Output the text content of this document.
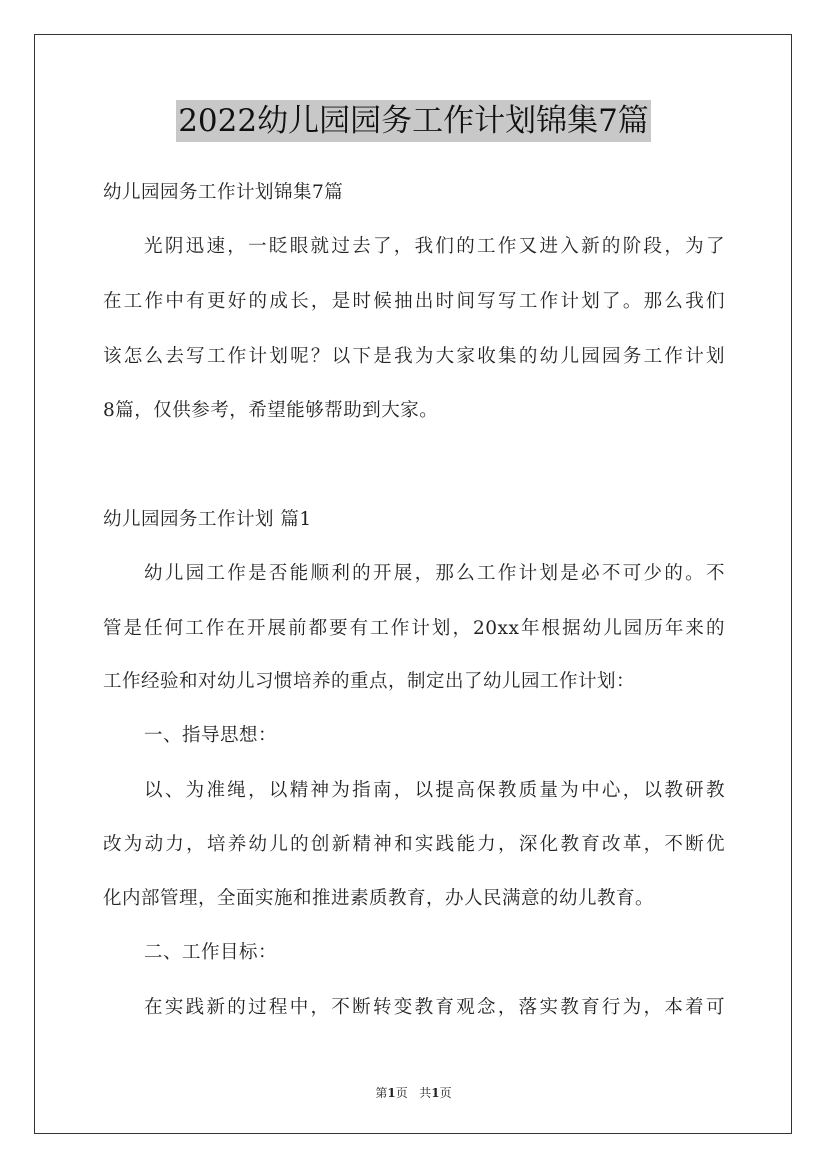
2022幼儿园园务工作计划锦集7篇
幼儿园园务工作计划锦集7篇
光阴迅速，一眨眼就过去了，我们的工作又进入新的阶段，为了
在工作中有更好的成长，是时候抽出时间写写工作计划了。那么我们
该怎么去写工作计划呢？以下是我为大家收集的幼儿园园务工作计划
8篇，仅供参考，希望能够帮助到大家。
幼儿园园务工作计划 篇1
幼儿园工作是否能顺利的开展，那么工作计划是必不可少的。不
管是任何工作在开展前都要有工作计划，20xx年根据幼儿园历年来的
工作经验和对幼儿习惯培养的重点，制定出了幼儿园工作计划：
一、指导思想：
以、为准绳，以精神为指南，以提高保教质量为中心，以教研教
改为动力，培养幼儿的创新精神和实践能力，深化教育改革，不断优
化内部管理，全面实施和推进素质教育，办人民满意的幼儿教育。
二、工作目标：
在实践新的过程中，不断转变教育观念，落实教育行为，本着可
第1页 共1页
